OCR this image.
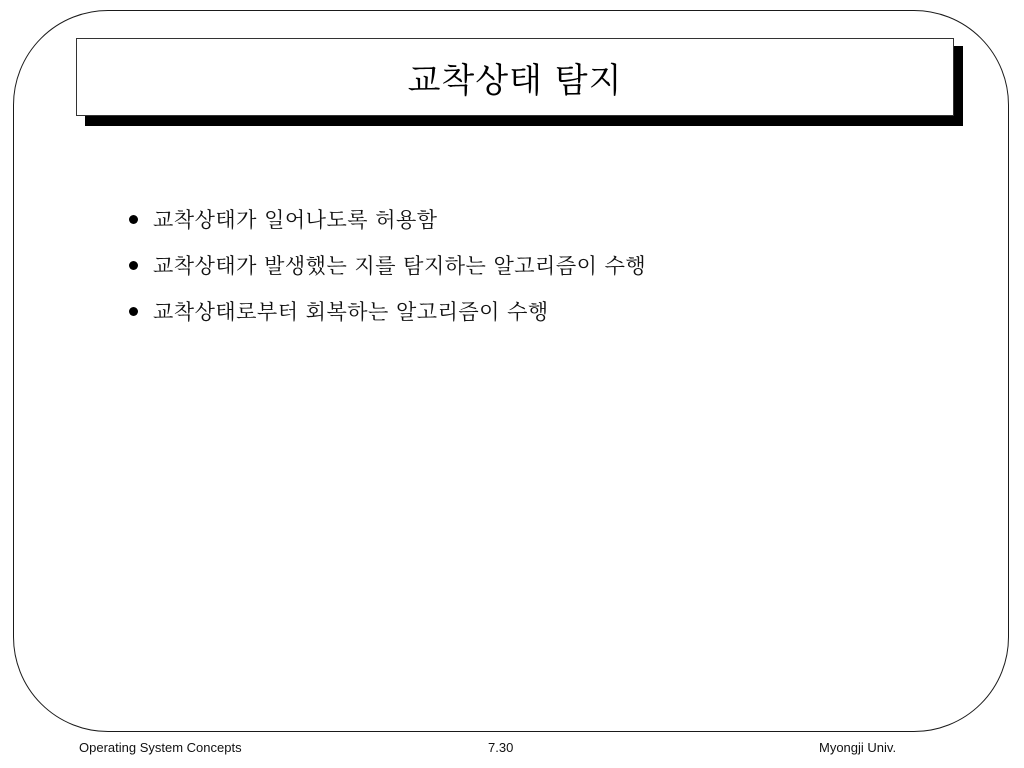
교착상태 탐지
교착상태가 일어나도록 허용함
교착상태가 발생했는 지를 탐지하는 알고리즘이 수행
교착상태로부터 회복하는 알고리즘이 수행
Operating System Concepts	7.30	Myongji Univ.
